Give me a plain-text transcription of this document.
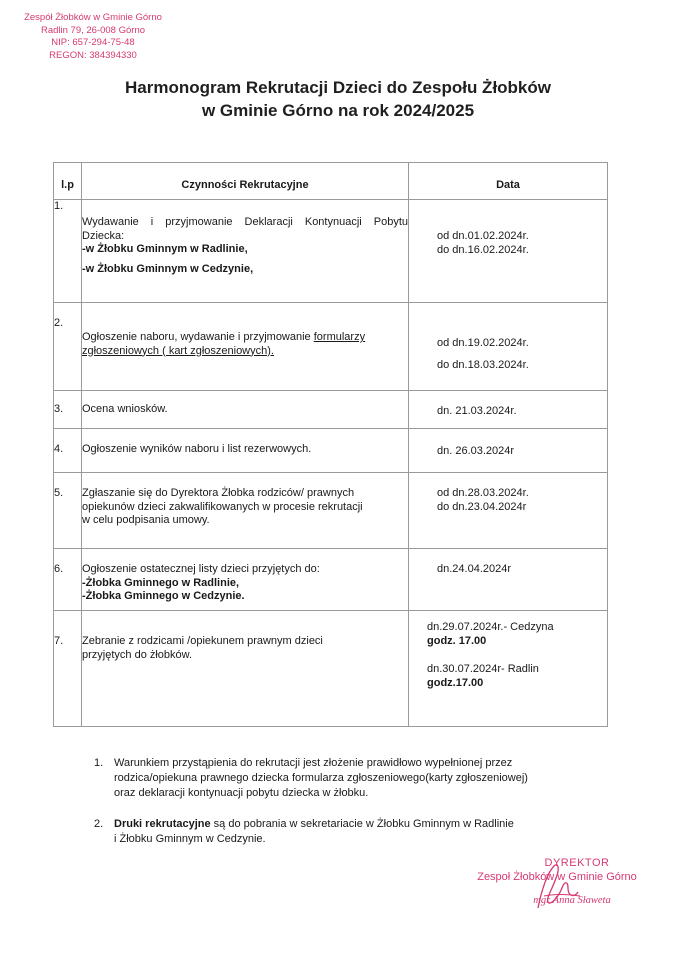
Zespół Żłobków w Gminie Górno
Radlin 79, 26-008 Górno
NIP: 657-294-75-48
REGON: 384394330
Harmonogram Rekrutacji Dzieci do Zespołu Żłobków
w Gminie Górno na rok 2024/2025
l.p	Czynności Rekrutacyjne	Data
1.	Wydawanie i przyjmowanie Deklaracji Kontynuacji Pobytu Dziecka:
-w Żłobku Gminnym w Radlinie,
-w Żłobku Gminnym w Cedzynie,	od dn.01.02.2024r.
do dn.16.02.2024r.

2.	Ogłoszenie naboru, wydawanie i przyjmowanie formularzy
zgłoszeniowych ( kart zgłoszeniowych).	od dn.19.02.2024r.
do dn.18.03.2024r.

3.	Ocena wniosków.	dn. 21.03.2024r.

4.	Ogłoszenie wyników naboru i list rezerwowych.	dn. 26.03.2024r

5.	Zgłaszanie się do Dyrektora Żłobka rodziców/ prawnych
opiekunów dzieci zakwalifikowanych w procesie rekrutacji
w celu podpisania umowy.	od dn.28.03.2024r.
do dn.23.04.2024r

6.	Ogłoszenie ostatecznej listy dzieci przyjętych do:
-Żłobka Gminnego w Radlinie,
-Żłobka Gminnego w Cedzynie.	dn.24.04.2024r

7.	Zebranie z rodzicami /opiekunem prawnym dzieci
przyjętych do żłobków.	dn.29.07.2024r.- Cedzyna
godz. 17.00
dn.30.07.2024r- Radlin
godz.17.00
1. Warunkiem przystąpienia do rekrutacji jest złożenie prawidłowo wypełnionej przez
rodzica/opiekuna prawnego dziecka formularza zgłoszeniowego(karty zgłoszeniowej)
oraz deklaracji kontynuacji pobytu dziecka w żłobku.
2. Druki rekrutacyjne są do pobrania w sekretariacie w Żłobku Gminnym w Radlinie
i Żłobku Gminnym w Cedzynie.
DYREKTOR
Zespoł Żłobków w Gminie Górno
mgr Anna Sławeta
